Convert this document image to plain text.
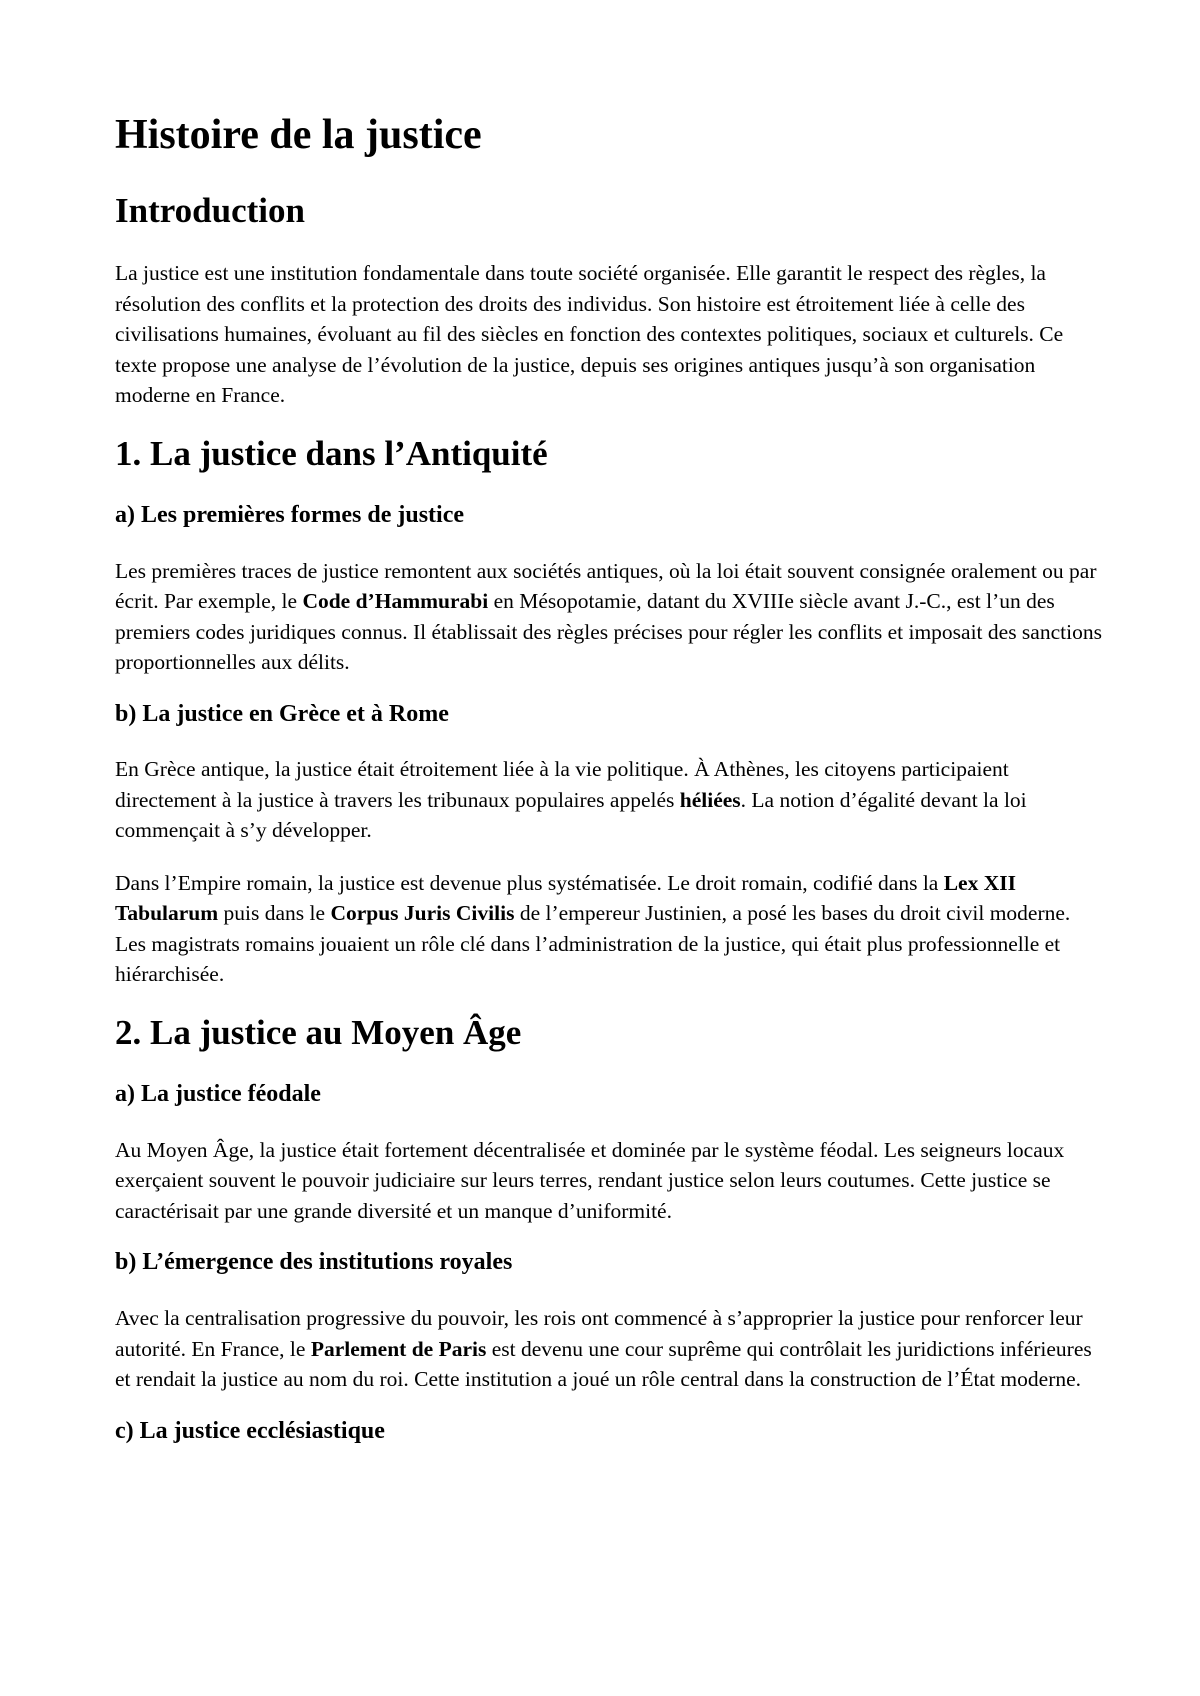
Histoire de la justice
Introduction

La justice est une institution fondamentale dans toute société organisée. Elle garantit le respect des règles, la résolution des conflits et la protection des droits des individus. Son histoire est étroitement liée à celle des civilisations humaines, évoluant au fil des siècles en fonction des contextes politiques, sociaux et culturels. Ce texte propose une analyse de l’évolution de la justice, depuis ses origines antiques jusqu’à son organisation moderne en France.

1. La justice dans l’Antiquité
a) Les premières formes de justice

Les premières traces de justice remontent aux sociétés antiques, où la loi était souvent consignée oralement ou par écrit. Par exemple, le Code d’Hammurabi en Mésopotamie, datant du XVIIIe siècle avant J.-C., est l’un des premiers codes juridiques connus. Il établissait des règles précises pour régler les conflits et imposait des sanctions proportionnelles aux délits.

b) La justice en Grèce et à Rome

En Grèce antique, la justice était étroitement liée à la vie politique. À Athènes, les citoyens participaient directement à la justice à travers les tribunaux populaires appelés héliées. La notion d’égalité devant la loi commençait à s’y développer.

Dans l’Empire romain, la justice est devenue plus systématisée. Le droit romain, codifié dans la Lex XII Tabularum puis dans le Corpus Juris Civilis de l’empereur Justinien, a posé les bases du droit civil moderne. Les magistrats romains jouaient un rôle clé dans l’administration de la justice, qui était plus professionnelle et hiérarchisée.

2. La justice au Moyen Âge
a) La justice féodale

Au Moyen Âge, la justice était fortement décentralisée et dominée par le système féodal. Les seigneurs locaux exerçaient souvent le pouvoir judiciaire sur leurs terres, rendant justice selon leurs coutumes. Cette justice se caractérisait par une grande diversité et un manque d’uniformité.

b) L’émergence des institutions royales

Avec la centralisation progressive du pouvoir, les rois ont commencé à s’approprier la justice pour renforcer leur autorité. En France, le Parlement de Paris est devenu une cour suprême qui contrôlait les juridictions inférieures et rendait la justice au nom du roi. Cette institution a joué un rôle central dans la construction de l’État moderne.

c) La justice ecclésiastique
